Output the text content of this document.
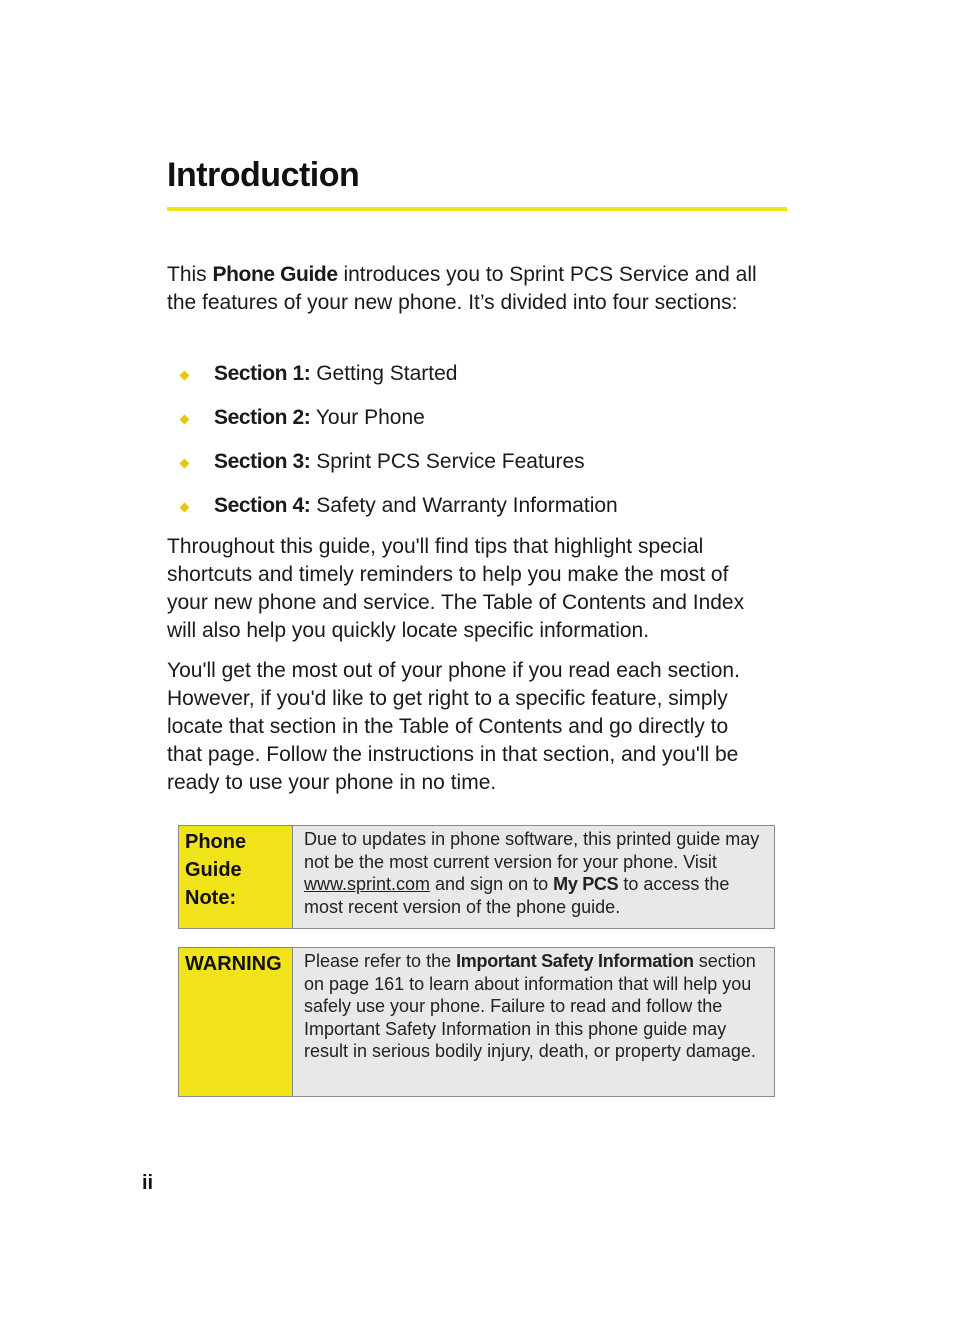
Introduction

This Phone Guide introduces you to Sprint PCS Service and all the features of your new phone. It’s divided into four sections:

Section 1: Getting Started
Section 2: Your Phone
Section 3: Sprint PCS Service Features
Section 4: Safety and Warranty Information

Throughout this guide, you'll find tips that highlight special shortcuts and timely reminders to help you make the most of your new phone and service. The Table of Contents and Index will also help you quickly locate specific information.

You'll get the most out of your phone if you read each section. However, if you'd like to get right to a specific feature, simply locate that section in the Table of Contents and go directly to that page. Follow the instructions in that section, and you'll be ready to use your phone in no time.

Phone
Guide
Note:
Due to updates in phone software, this printed guide may not be the most current version for your phone. Visit www.sprint.com and sign on to My PCS to access the most recent version of the phone guide.
WARNING	Please refer to the Important Safety Information section on page 161 to learn about information that will help you safely use your phone. Failure to read and follow the Important Safety Information in this phone guide may result in serious bodily injury, death, or property damage.
ii
